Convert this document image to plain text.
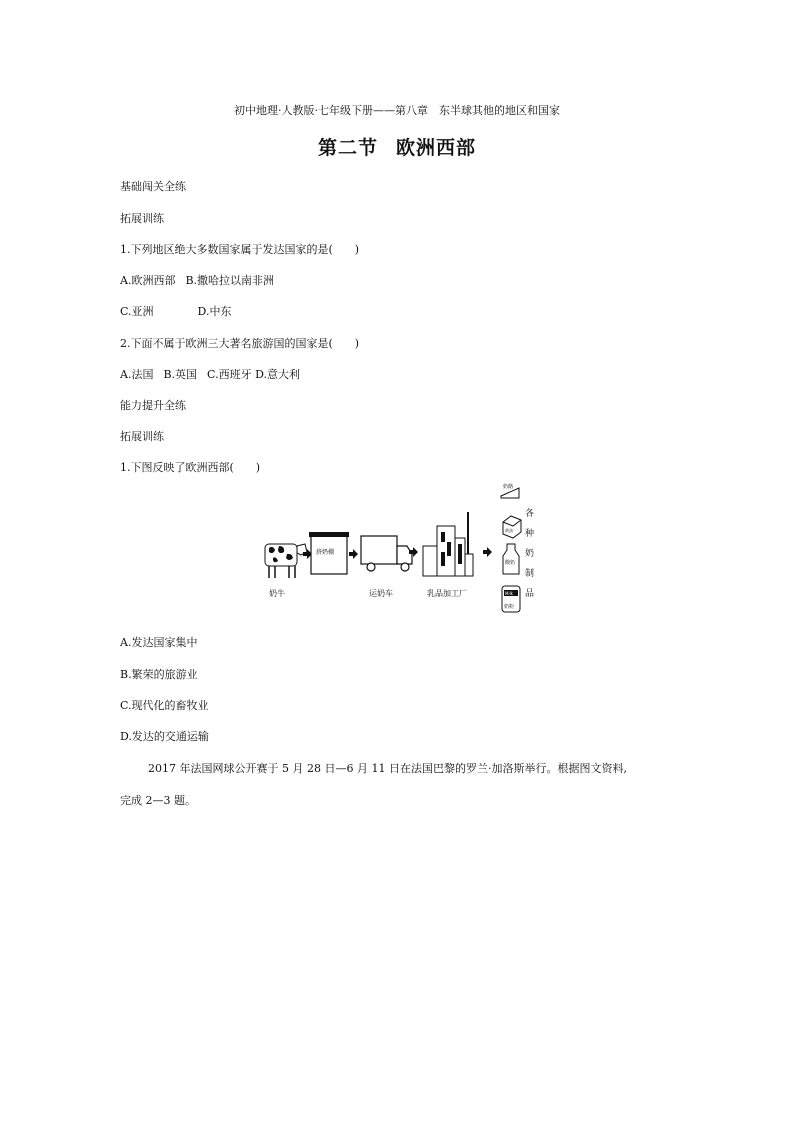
初中地理·人教版·七年级下册——第八章　东半球其他的地区和国家
第二节 欧洲西部
基础闯关全练
拓展训练
1.下列地区绝大多数国家属于发达国家的是(　　)
A.欧洲西部 B.撒哈拉以南非洲
C.亚洲	D.中东
2.下面不属于欧洲三大著名旅游国的国家是(　　)
A.法国 B.英国 C.西班牙 D.意大利
能力提升全练
拓展训练
1.下图反映了欧洲西部(　　)
奶牛
挤奶棚
运奶车	乳品加工厂
奶酪
黄油
酸奶
Milk
奶粉
各
种
奶
制
品
A.发达国家集中
B.繁荣的旅游业
C.现代化的畜牧业
D.发达的交通运输
2017 年法国网球公开赛于 5 月 28 日—6 月 11 日在法国巴黎的罗兰·加洛斯举行。根据图文资料,
完成 2—3 题。
